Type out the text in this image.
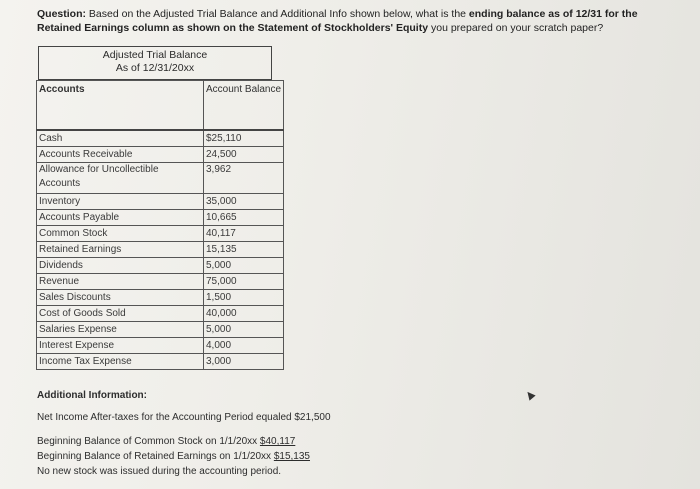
Question: Based on the Adjusted Trial Balance and Additional Info shown below, what is the ending balance as of 12/31 for the Retained Earnings column as shown on the Statement of Stockholders' Equity you prepared on your scratch paper?
Adjusted Trial Balance
As of 12/31/20xx
Accounts	Account Balance
Cash	$25,110
Accounts Receivable	24,500
Allowance for Uncollectible Accounts	3,962
Inventory	35,000
Accounts Payable	10,665
Common Stock	40,117
Retained Earnings	15,135
Dividends	5,000
Revenue	75,000
Sales Discounts	1,500
Cost of Goods Sold	40,000
Salaries Expense	5,000
Interest Expense	4,000
Income Tax Expense	3,000
Additional Information:
Net Income After-taxes for the Accounting Period equaled $21,500
Beginning Balance of Common Stock on 1/1/20xx $40,117
Beginning Balance of Retained Earnings on 1/1/20xx $15,135
No new stock was issued during the accounting period.
